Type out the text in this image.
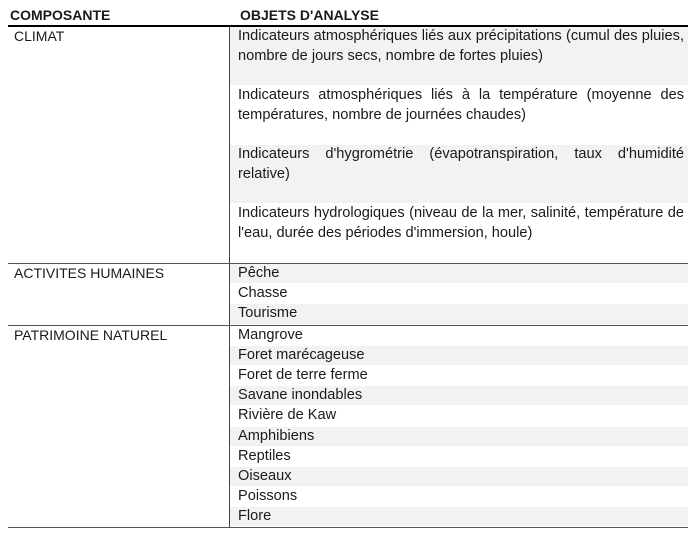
COMPOSANTE	OBJETS D'ANALYSE
CLIMAT	Indicateurs atmosphériques liés aux précipitations (cumul des pluies, nombre de jours secs, nombre de fortes pluies)
Indicateurs atmosphériques liés à la température (moyenne des températures, nombre de journées chaudes)
Indicateurs d'hygrométrie (évapotranspiration, taux d'humidité relative)
Indicateurs hydrologiques (niveau de la mer, salinité, température de l'eau, durée des périodes d'immersion, houle)
ACTIVITES HUMAINES	Pêche
Chasse
Tourisme
PATRIMOINE NATUREL	Mangrove
Foret marécageuse
Foret de terre ferme
Savane inondables
Rivière de Kaw
Amphibiens
Reptiles
Oiseaux
Poissons
Flore
